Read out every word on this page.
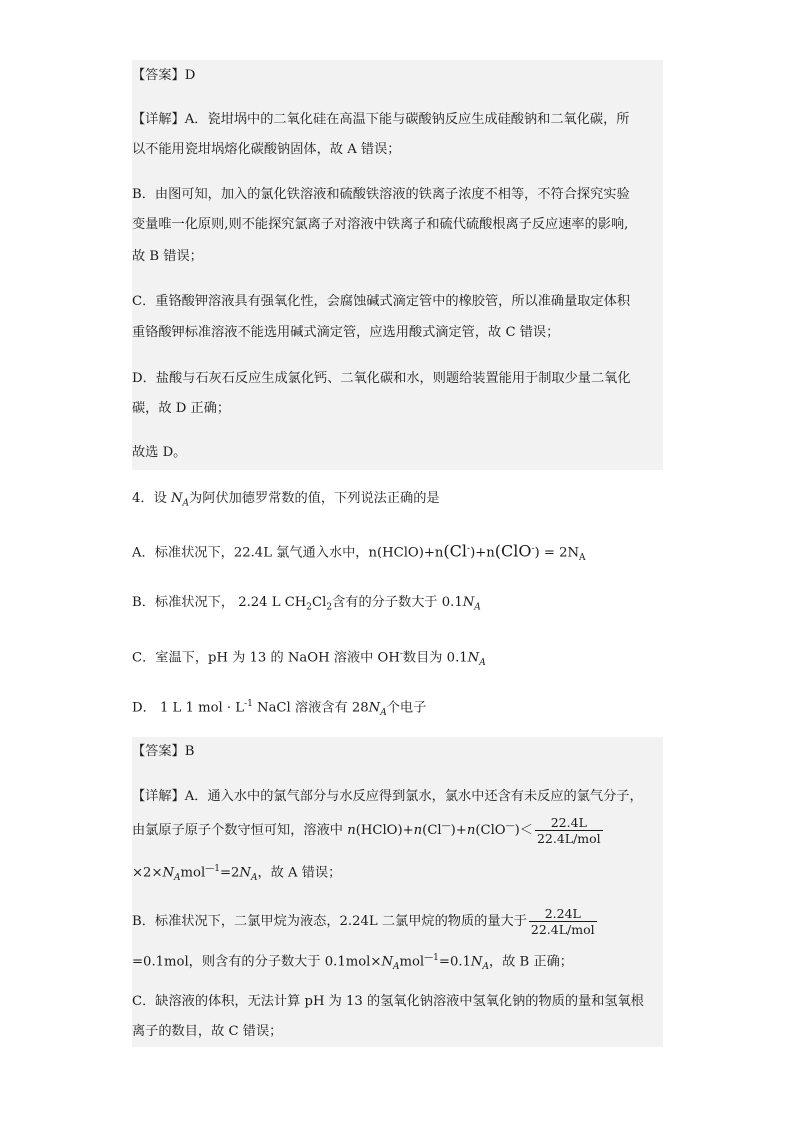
【答案】D
【详解】A．瓷坩埚中的二氧化硅在高温下能与碳酸钠反应生成硅酸钠和二氧化碳，所
以不能用瓷坩埚熔化碳酸钠固体，故 A 错误；
B．由图可知，加入的氯化铁溶液和硫酸铁溶液的铁离子浓度不相等，不符合探究实验
变量唯一化原则,则不能探究氯离子对溶液中铁离子和硫代硫酸根离子反应速率的影响,
故 B 错误；
C．重铬酸钾溶液具有强氧化性，会腐蚀碱式滴定管中的橡胶管，所以准确量取定体积
重铬酸钾标准溶液不能选用碱式滴定管，应选用酸式滴定管，故 C 错误；
D．盐酸与石灰石反应生成氯化钙、二氧化碳和水，则题给装置能用于制取少量二氧化
碳，故 D 正确；
故选 D。
4．设 $N_A$为阿伏加德罗常数的值，下列说法正确的是
A．标准状况下，22.4L 氯气通入水中，n(HClO)+n(Cl-)+n(ClO-) = $2N_A$
B．标准状况下， 2.24 L $CH_2Cl_2$含有的分子数大于 $0.1N_A$
C．室温下，pH 为 13 的 NaOH 溶液中 OH-数目为 $0.1N_A$
D． 1 L 1 mol · $L^{-1}$ NaCl 溶液含有 $28N_A$个电子
【答案】B
【详解】A．通入水中的氯气部分与水反应得到氯水，氯水中还含有未反应的氯气分子，
由氯原子原子个数守恒可知，溶液中 n(HClO)+n(Cl—)+n(ClO—)＜ $\frac{22.4L}{\text{22.4L/mol}}$
$\times 2\times N_Amol^{—1}=2N_A$，故 A 错误；
B．标准状况下，二氯甲烷为液态，2.24L 二氯甲烷的物质的量大于 $\frac{2.24L}{\text{22.4L/mol}}$
=0.1mol，则含有的分子数大于 $0.1mol\times N_Amol^{—1}=0.1N_A$，故 B 正确；
C．缺溶液的体积，无法计算 pH 为 13 的氢氧化钠溶液中氢氧化钠的物质的量和氢氧根
离子的数目，故 C 错误；
